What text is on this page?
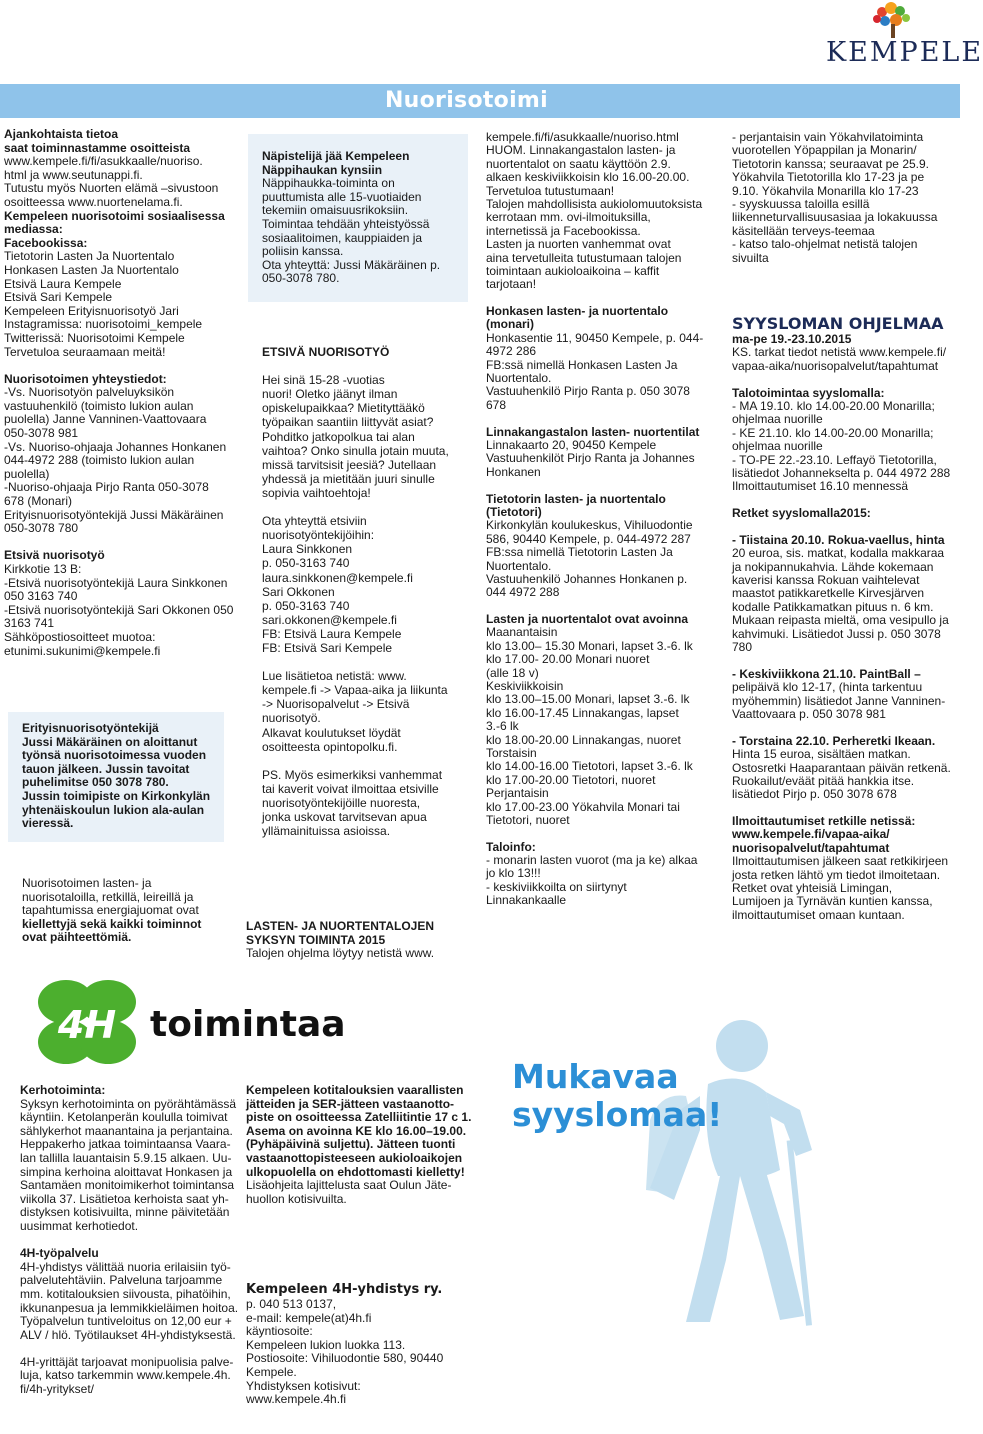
KEMPELE
Nuorisotoimi
Ajankohtaista tietoa
saat toiminnastamme osoitteista
www.kempele.fi/fi/asukkaalle/nuoriso.
html ja www.seutunappi.fi.
Tutustu myös Nuorten elämä –sivustoon
osoitteessa www.nuortenelama.fi.
Kempeleen nuorisotoimi sosiaalisessa
mediassa:
Facebookissa:
Tietotorin Lasten Ja Nuortentalo
Honkasen Lasten Ja Nuortentalo
Etsivä Laura Kempele
Etsivä Sari Kempele
Kempeleen Erityisnuorisotyö Jari
Instagramissa: nuorisotoimi_kempele
Twitterissä: Nuorisotoimi Kempele
Tervetuloa seuraamaan meitä!
Nuorisotoimen yhteystiedot:
-Vs. Nuorisotyön palveluyksikön
vastuuhenkilö (toimisto lukion aulan
puolella) Janne Vanninen-Vaattovaara
050-3078 981
-Vs. Nuoriso-ohjaaja Johannes Honkanen
044-4972 288 (toimisto lukion aulan
puolella)
-Nuoriso-ohjaaja Pirjo Ranta 050-3078
678 (Monari)
Erityisnuorisotyöntekijä Jussi Mäkäräinen
050-3078 780
Etsivä nuorisotyö
Kirkkotie 13 B:
-Etsivä nuorisotyöntekijä Laura Sinkkonen
050 3163 740
-Etsivä nuorisotyöntekijä Sari Okkonen 050
3163 741
Sähköpostiosoitteet muotoa:
etunimi.sukunimi@kempele.fi
Erityisnuorisotyöntekijä
Jussi Mäkäräinen on aloittanut
työnsä nuorisotoimessa vuoden
tauon jälkeen. Jussin tavoitat
puhelimitse 050 3078 780.
Jussin toimipiste on Kirkonkylän
yhtenäiskoulun lukion ala-aulan
vieressä.
Nuorisotoimen lasten- ja
nuorisotaloilla, retkillä, leireillä ja
tapahtumissa energiajuomat ovat
kiellettyjä sekä kaikki toiminnot
ovat päihteettömiä.
Näpistelijä jää Kempeleen
Näppihaukan kynsiin
Näppihaukka-toiminta on
puuttumista alle 15-vuotiaiden
tekemiin omaisuusrikoksiin.
Toimintaa tehdään yhteistyössä
sosiaalitoimen, kauppiaiden ja
poliisin kanssa.
Ota yhteyttä: Jussi Mäkäräinen p.
050-3078 780.
ETSIVÄ NUORISOTYÖ
Hei sinä 15-28 -vuotias
nuori! Oletko jäänyt ilman
opiskelupaikkaa? Mietityttääkö
työpaikan saantiin liittyvät asiat?
Pohditko jatkopolkua tai alan
vaihtoa? Onko sinulla jotain muuta,
missä tarvitsisit jeesiä? Jutellaan
yhdessä ja mietitään juuri sinulle
sopivia vaihtoehtoja!
Ota yhteyttä etsiviin
nuorisotyöntekijöihin:
Laura Sinkkonen
p. 050-3163 740
laura.sinkkonen@kempele.fi
Sari Okkonen
p. 050-3163 740
sari.okkonen@kempele.fi
FB: Etsivä Laura Kempele
FB: Etsivä Sari Kempele
Lue lisätietoa netistä: www.
kempele.fi -> Vapaa-aika ja liikunta
-> Nuorisopalvelut -> Etsivä
nuorisotyö.
Alkavat koulutukset löydät
osoitteesta opintopolku.fi.
PS. Myös esimerkiksi vanhemmat
tai kaverit voivat ilmoittaa etsiville
nuorisotyöntekijöille nuoresta,
jonka uskovat tarvitsevan apua
yllämainituissa asioissa.
LASTEN- JA NUORTENTALOJEN
SYKSYN TOIMINTA 2015
Talojen ohjelma löytyy netistä www.
kempele.fi/fi/asukkaalle/nuoriso.html
HUOM. Linnakangastalon lasten- ja
nuortentalot on saatu käyttöön 2.9.
alkaen keskiviikkoisin klo 16.00-20.00.
Tervetuloa tutustumaan!
Talojen mahdollisista aukiolomuutoksista
kerrotaan mm. ovi-ilmoituksilla,
internetissä ja Facebookissa.
Lasten ja nuorten vanhemmat ovat
aina tervetulleita tutustumaan talojen
toimintaan aukioloaikoina – kaffit
tarjotaan!
Honkasen lasten- ja nuortentalo
(monari)
Honkasentie 11, 90450 Kempele, p. 044-
4972 286
FB:ssä nimellä Honkasen Lasten Ja
Nuortentalo.
Vastuuhenkilö Pirjo Ranta p. 050 3078
678
Linnakangastalon lasten- nuortentilat
Linnakaarto 20, 90450 Kempele
Vastuuhenkilöt Pirjo Ranta ja Johannes
Honkanen
Tietotorin lasten- ja nuortentalo
(Tietotori)
Kirkonkylän koulukeskus, Vihiluodontie
586, 90440 Kempele, p. 044-4972 287
FB:ssa nimellä Tietotorin Lasten Ja
Nuortentalo.
Vastuuhenkilö Johannes Honkanen p.
044 4972 288
Lasten ja nuortentalot ovat avoinna
Maanantaisin
klo 13.00– 15.30 Monari, lapset 3.-6. lk
klo 17.00- 20.00 Monari nuoret
(alle 18 v)
Keskiviikkoisin
klo 13.00–15.00 Monari, lapset 3.-6. lk
klo 16.00-17.45 Linnakangas, lapset
3.-6 lk
klo 18.00-20.00 Linnakangas, nuoret
Torstaisin
klo 14.00-16.00 Tietotori, lapset 3.-6. lk
klo 17.00-20.00 Tietotori, nuoret
Perjantaisin
klo 17.00-23.00 Yökahvila Monari tai
Tietotori, nuoret
Taloinfo:
- monarin lasten vuorot (ma ja ke) alkaa
jo klo 13!!!
- keskiviikkoilta on siirtynyt
Linnakankaalle
- perjantaisin vain Yökahvilatoiminta
vuorotellen Yöpappilan ja Monarin/
Tietotorin kanssa; seuraavat pe 25.9.
Yökahvila Tietotorilla klo 17-23 ja pe
9.10. Yökahvila Monarilla klo 17-23
- syyskuussa taloilla esillä
liikenneturvallisuusasiaa ja lokakuussa
käsitellään terveys-teemaa
- katso talo-ohjelmat netistä talojen
sivuilta
SYYSLOMAN OHJELMAA
ma-pe 19.-23.10.2015
KS. tarkat tiedot netistä www.kempele.fi/
vapaa-aika/nuorisopalvelut/tapahtumat
Talotoimintaa syyslomalla:
- MA 19.10. klo 14.00-20.00 Monarilla;
ohjelmaa nuorille
- KE 21.10. klo 14.00-20.00 Monarilla;
ohjelmaa nuorille
- TO-PE 22.-23.10. Leffayö Tietotorilla,
lisätiedot Johannekselta p. 044 4972 288
Ilmoittautumiset 16.10 mennessä
Retket syyslomalla2015:
- Tiistaina 20.10. Rokua-vaellus, hinta
20 euroa, sis. matkat, kodalla makkaraa
ja nokipannukahvia. Lähde kokemaan
kaverisi kanssa Rokuan vaihtelevat
maastot patikkaretkelle Kirvesjärven
kodalle Patikkamatkan pituus n. 6 km.
Mukaan reipasta mieltä, oma vesipullo ja
kahvimuki. Lisätiedot Jussi p. 050 3078
780
- Keskiviikkona 21.10. PaintBall –
pelipäivä klo 12-17, (hinta tarkentuu
myöhemmin) lisätiedot Janne Vanninen-
Vaattovaara p. 050 3078 981
- Torstaina 22.10. Perheretki Ikeaan.
Hinta 15 euroa, sisältäen matkan.
Ostosretki Haaparantaan päivän retkenä.
Ruokailut/eväät pitää hankkia itse.
lisätiedot Pirjo p. 050 3078 678
Ilmoittautumiset retkille netissä:
www.kempele.fi/vapaa-aika/
nuorisopalvelut/tapahtumat
Ilmoittautumisen jälkeen saat retkikirjeen
josta retken lähtö ym tiedot ilmoitetaan.
Retket ovat yhteisiä Limingan,
Lumijoen ja Tyrnävän kuntien kanssa,
ilmoittautumiset omaan kuntaan.
4H toimintaa
Kerhotoiminta:
Syksyn kerhotoiminta on pyörähtämässä
käyntiin. Ketolanperän koululla toimivat
sählykerhot maanantaina ja perjantaina.
Heppakerho jatkaa toimintaansa Vaara-
lan tallilla lauantaisin 5.9.15 alkaen. Uu-
simpina kerhoina aloittavat Honkasen ja
Santamäen monitoimikerhot toimintansa
viikolla 37. Lisätietoa kerhoista saat yh-
distyksen kotisivuilta, minne päivitetään
uusimmat kerhotiedot.
4H-työpalvelu
4H-yhdistys välittää nuoria erilaisiin työ-
palvelutehtäviin. Palveluna tarjoamme
mm. kotitalouksien siivousta, pihatöihin,
ikkunanpesua ja lemmikkieläimen hoitoa.
Työpalvelun tuntiveloitus on 12,00 eur +
ALV / hlö. Työtilaukset 4H-yhdistyksestä.
4H-yrittäjät tarjoavat monipuolisia palve-
luja, katso tarkemmin www.kempele.4h.
fi/4h-yritykset/
Kempeleen kotitalouksien vaarallisten
jätteiden ja SER-jätteen vastaanotto-
piste on osoitteessa Zatelliitintie 17 c 1.
Asema on avoinna KE klo 16.00–19.00.
(Pyhäpäivinä suljettu). Jätteen tuonti
vastaanottopisteeseen aukioloaikojen
ulkopuolella on ehdottomasti kielletty!
Lisäohjeita lajittelusta saat Oulun Jäte-
huollon kotisivuilta.
Kempeleen 4H-yhdistys ry.
p. 040 513 0137,
e-mail: kempele(at)4h.fi
käyntiosoite:
Kempeleen lukion luokka 113.
Postiosoite: Vihiluodontie 580, 90440
Kempele.
Yhdistyksen kotisivut:
www.kempele.4h.fi
Mukavaa
syyslomaa!
